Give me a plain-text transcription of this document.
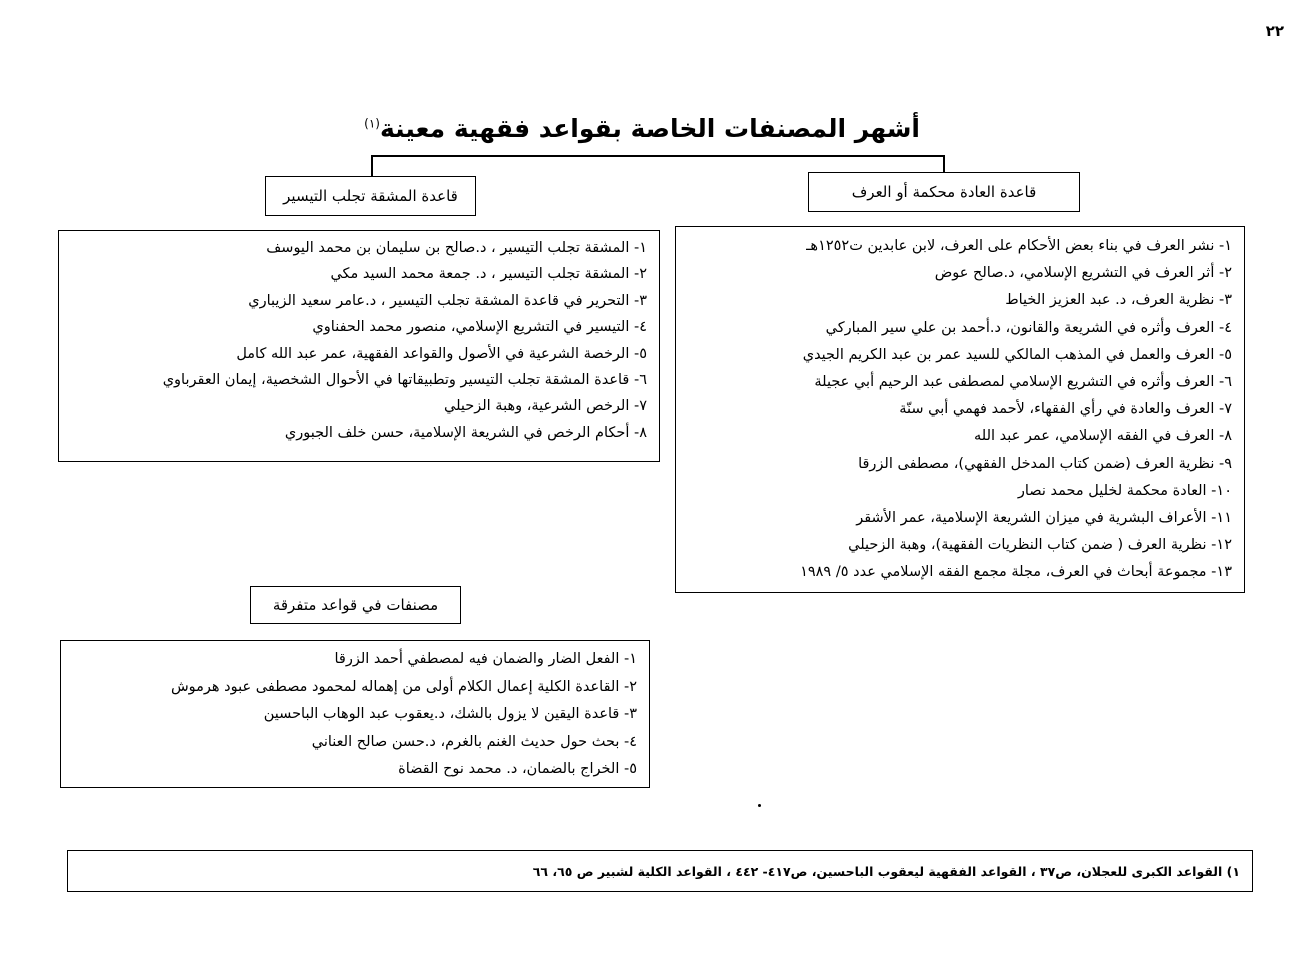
٢٢
أشهر المصنفات الخاصة بقواعد فقهية معينة$^{(١)}$
قاعدة العادة محكمة أو العرف
قاعدة المشقة تجلب التيسير
مصنفات في قواعد متفرقة
١- نشر العرف في بناء بعض الأحكام على العرف، لابن عابدين ت١٢٥٢هـ
٢- أثر العرف في التشريع الإسلامي، د.صالح عوض
٣- نظرية العرف، د. عبد العزيز الخياط
٤- العرف وأثره في الشريعة والقانون، د.أحمد بن علي سير المباركي
٥- العرف والعمل في المذهب المالكي للسيد عمر بن عبد الكريم الجيدي
٦- العرف وأثره في التشريع الإسلامي لمصطفى عبد الرحيم أبي عجيلة
٧- العرف والعادة في رأي الفقهاء، لأحمد فهمي أبي سنّة
٨- العرف في الفقه الإسلامي، عمر عبد الله
٩- نظرية العرف (ضمن كتاب المدخل الفقهي)، مصطفى الزرقا
١٠- العادة محكمة لخليل محمد نصار
١١- الأعراف البشرية في ميزان الشريعة الإسلامية، عمر الأشقر
١٢- نظرية العرف ( ضمن كتاب النظريات الفقهية)، وهبة الزحيلي
١٣- مجموعة أبحاث في العرف، مجلة مجمع الفقه الإسلامي عدد ٥/ ١٩٨٩
١- المشقة تجلب التيسير ، د.صالح بن سليمان بن محمد اليوسف
٢- المشقة تجلب التيسير ، د. جمعة محمد السيد مكي
٣- التحرير في قاعدة المشقة تجلب التيسير ، د.عامر سعيد الزيباري
٤- التيسير في التشريع الإسلامي، منصور محمد الحفناوي
٥- الرخصة الشرعية في الأصول والقواعد الفقهية، عمر عبد الله كامل
٦- قاعدة المشقة تجلب التيسير وتطبيقاتها في الأحوال الشخصية، إيمان العقرباوي
٧- الرخص الشرعية، وهبة الزحيلي
٨- أحكام الرخص في الشريعة الإسلامية، حسن خلف الجبوري
١- الفعل الضار والضمان فيه لمصطفي أحمد الزرقا
٢- القاعدة الكلية إعمال الكلام أولى من إهماله لمحمود مصطفى عبود هرموش
٣- قاعدة اليقين لا يزول بالشك، د.يعقوب عبد الوهاب الباحسين
٤- بحث حول حديث الغنم بالغرم، د.حسن صالح العناني
٥- الخراج بالضمان، د. محمد نوح القضاة
١) القواعد الكبرى للعجلان، ص٣٧ ، القواعد الفقهية ليعقوب الباحسين، ص٤١٧- ٤٤٢ ، القواعد الكلية لشبير ص ٦٥، ٦٦
